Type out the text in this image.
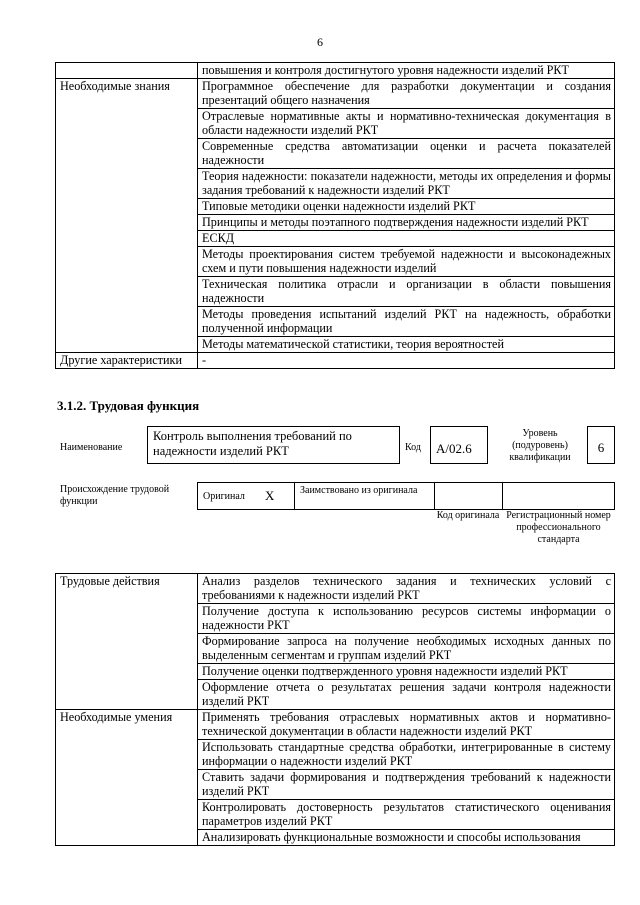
6
	повышения и контроля достигнутого уровня надежности изделий РКТ
Необходимые знания	Программное обеспечение для разработки документации и создания презентаций общего назначения
	Отраслевые нормативные акты и нормативно-техническая документация в области надежности изделий РКТ
	Современные средства автоматизации оценки и расчета показателей надежности
	Теория надежности: показатели надежности, методы их определения и формы задания требований к надежности изделий РКТ
	Типовые методики оценки надежности изделий РКТ
	Принципы и методы поэтапного подтверждения надежности изделий РКТ
	ЕСКД
	Методы проектирования систем требуемой надежности и высоконадежных схем и пути повышения надежности изделий
	Техническая политика отрасли и организации в области повышения надежности
	Методы проведения испытаний изделий РКТ на надежность, обработки полученной информации
	Методы математической статистики, теория вероятностей
Другие характеристики	-
3.1.2. Трудовая функция
Наименование
Контроль выполнения требований по надежности изделий РКТ	Код	A/02.6
Уровень (подуровень) квалификации
6
Происхождение трудовой функции	Оригинал X	Заимствовано из оригинала
Код оригинала Регистрационный номер профессионального стандарта
Трудовые действия	Анализ разделов технического задания и технических условий с требованиями к надежности изделий РКТ
	Получение доступа к использованию ресурсов системы информации о надежности РКТ
	Формирование запроса на получение необходимых исходных данных по выделенным сегментам и группам изделий РКТ
	Получение оценки подтвержденного уровня надежности изделий РКТ
	Оформление отчета о результатах решения задачи контроля надежности изделий РКТ
Необходимые умения	Применять требования отраслевых нормативных актов и нормативно-технической документации в области надежности изделий РКТ
	Использовать стандартные средства обработки, интегрированные в систему информации о надежности изделий РКТ
	Ставить задачи формирования и подтверждения требований к надежности изделий РКТ
	Контролировать достоверность результатов статистического оценивания параметров изделий РКТ
	Анализировать функциональные возможности и способы использования
